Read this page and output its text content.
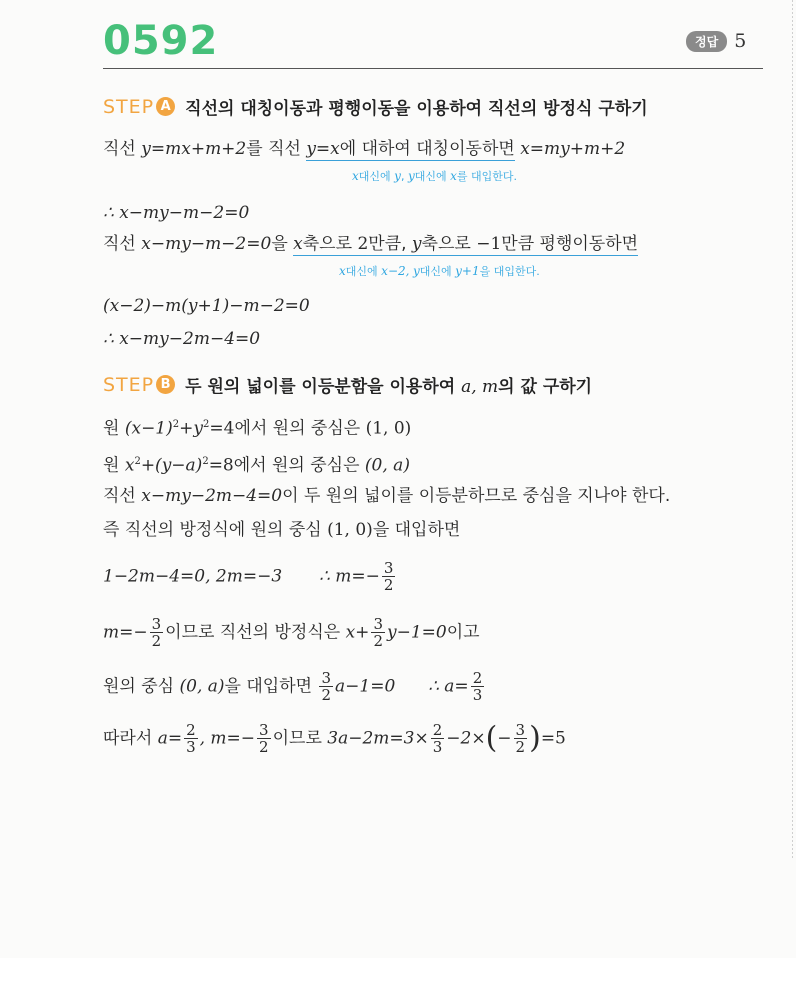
0592	정답 5
STEP A 직선의 대칭이동과 평행이동을 이용하여 직선의 방정식 구하기
직선 y=mx+m+2를 직선 y=x에 대하여 대칭이동하면 x=my+m+2
x대신에 y, y대신에 x를 대입한다.
∴ x−my−m−2=0
직선 x−my−m−2=0을 x축으로 2만큼, y축으로 −1만큼 평행이동하면
x대신에 x−2, y대신에 y+1을 대입한다.
(x−2)−m(y+1)−m−2=0
∴ x−my−2m−4=0
STEP B 두 원의 넓이를 이등분함을 이용하여 a, m의 값 구하기
원 $(x-1)^2+y^2=4$에서 원의 중심은 (1, 0)
원 $x^2+(y-a)^2=8$에서 원의 중심은 (0, a)
직선 x−my−2m−4=0이 두 원의 넓이를 이등분하므로 중심을 지나야 한다.
즉 직선의 방정식에 원의 중심 (1, 0)을 대입하면
1−2m−4=0, 2m=−3 ∴ $m=- \frac{3}{2}$
$m=- \frac{3}{2}$ 이므로 직선의 방정식은 $x+ \frac{3}{2} y-1=0$이고
원의 중심 (0, a)을 대입하면 $\frac{3}{2} a-1=0$ ∴ $a= \frac{2}{3}$
따라서 $a= \frac{2}{3}$ , $m=- \frac{3}{2}$ 이므로 $3a-2m=3\times \frac{2}{3} -2\times(- \frac{3}{2} )=5$
